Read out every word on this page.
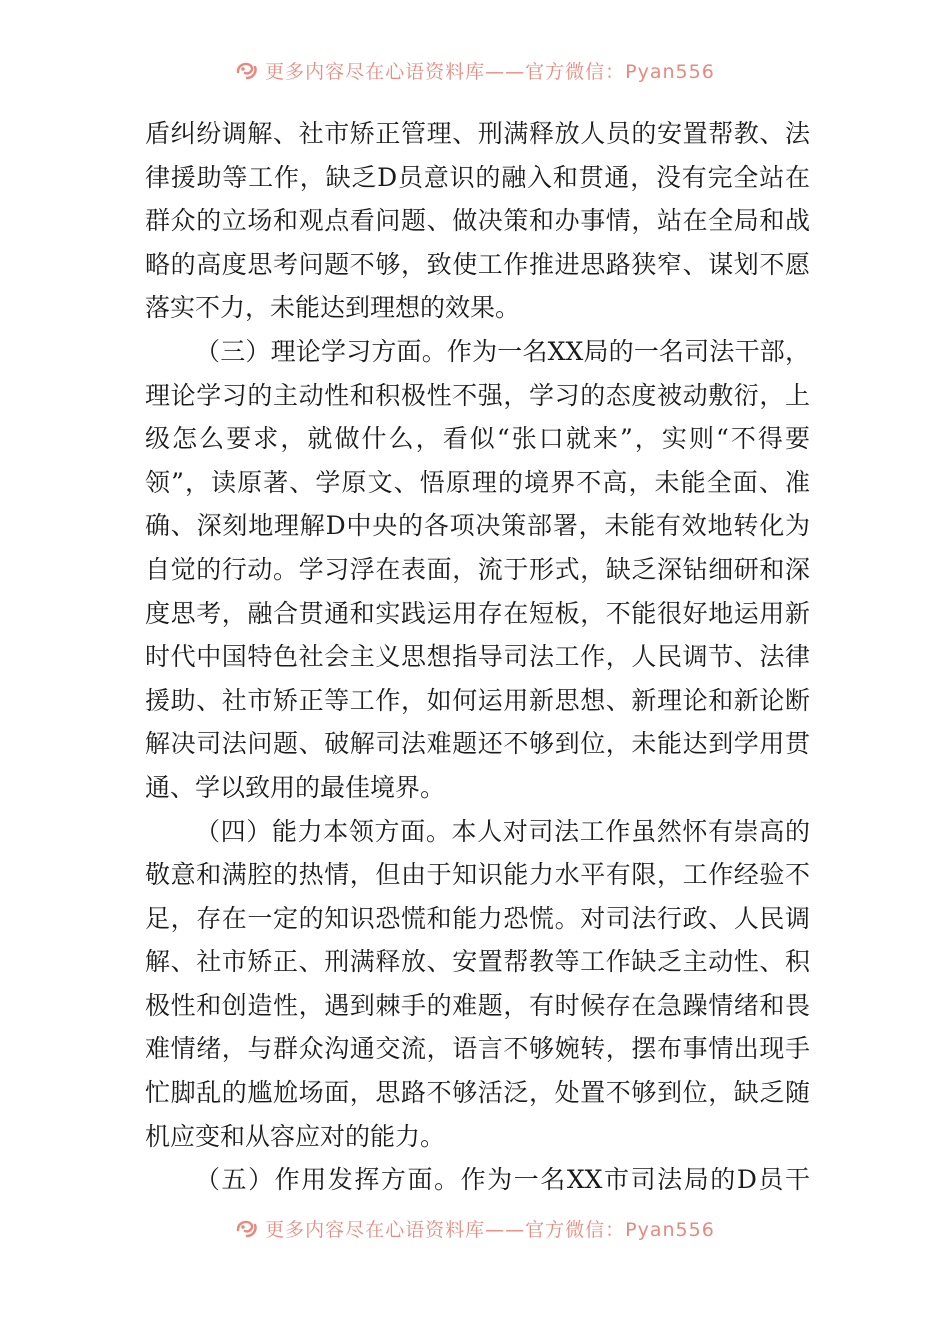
更多内容尽在心语资料库——官方微信：Pyan556
盾纠纷调解、社市矫正管理、刑满释放人员的安置帮教、法
律援助等工作，缺乏D员意识的融入和贯通，没有完全站在
群众的立场和观点看问题、做决策和办事情，站在全局和战
略的高度思考问题不够，致使工作推进思路狭窄、谋划不愿
落实不力，未能达到理想的效果。
（三）理论学习方面。作为一名XX局的一名司法干部，
理论学习的主动性和积极性不强，学习的态度被动敷衍，上
级怎么要求，就做什么，看似“张口就来”，实则“不得要
领”，读原著、学原文、悟原理的境界不高，未能全面、准
确、深刻地理解D中央的各项决策部署，未能有效地转化为
自觉的行动。学习浮在表面，流于形式，缺乏深钻细研和深
度思考，融合贯通和实践运用存在短板，不能很好地运用新
时代中国特色社会主义思想指导司法工作，人民调节、法律
援助、社市矫正等工作，如何运用新思想、新理论和新论断
解决司法问题、破解司法难题还不够到位，未能达到学用贯
通、学以致用的最佳境界。
（四）能力本领方面。本人对司法工作虽然怀有崇高的
敬意和满腔的热情，但由于知识能力水平有限，工作经验不
足，存在一定的知识恐慌和能力恐慌。对司法行政、人民调
解、社市矫正、刑满释放、安置帮教等工作缺乏主动性、积
极性和创造性，遇到棘手的难题，有时候存在急躁情绪和畏
难情绪，与群众沟通交流，语言不够婉转，摆布事情出现手
忙脚乱的尴尬场面，思路不够活泛，处置不够到位，缺乏随
机应变和从容应对的能力。
（五）作用发挥方面。作为一名XX市司法局的D员干
更多内容尽在心语资料库——官方微信：Pyan556
